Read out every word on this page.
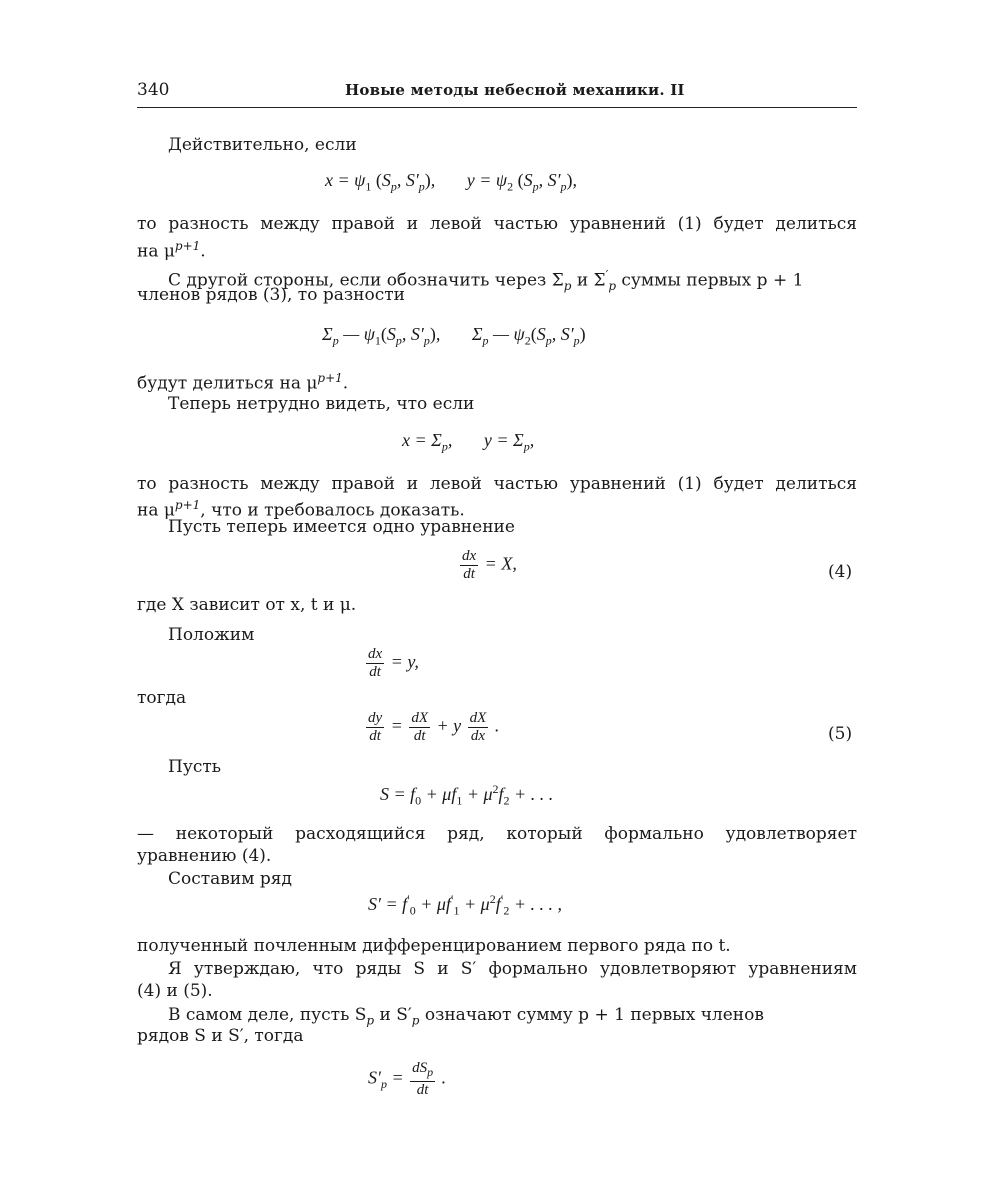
340	Новые методы небесной механики. II
Действительно, если
$x = \psi_1$ ($S_p$, $S'_p$),       $y = \psi_2$ ($S_p$, $S'_p$),
то разность между правой и левой частью уравнений (1) будет делиться
на $\mu^{p+1}$.
С другой стороны, если обозначить через $\Sigma_p$ и $\Sigma'_p$ суммы первых p + 1
членов рядов (3), то разности
$\Sigma_p$ — $\psi_1(S_p$, $S'_p$),       $\Sigma_p$ — $\psi_2(S_p$, $S'_p$)
будут делиться на $\mu^{p+1}$.
Теперь нетрудно видеть, что если
$x = \Sigma_p$,       $y = \Sigma_p$,
то разность между правой и левой частью уравнений (1) будет делиться
на $\mu^{p+1}$, что и требовалось доказать.
Пусть теперь имеется одно уравнение
$\frac{dx}{dt} = X$,	(4)
где X зависит от x, t и μ.
Положим
$\frac{dx}{dt} = y$,
тогда
$\frac{dy}{dt} = \frac{dX}{dt} + y \frac{dX}{dx}$ .	(5)
Пусть
$S = f_0 + \mu f_1 + \mu^2f_2$ + . . .
— некоторый расходящийся ряд, который формально удовлетворяет
уравнению (4).
Составим ряд
$S' = f'_0 + \mu f'_1 + \mu^2f'_2$ + . . . ,
полученный почленным дифференцированием первого ряда по t.
Я утверждаю, что ряды S и S′ формально удовлетворяют уравнениям
(4) и (5).
В самом деле, пусть $S_p$ и $S'_p$ означают сумму p + 1 первых членов
рядов S и S′, тогда
$S'_p = \frac{dS_p}{dt}$ .
